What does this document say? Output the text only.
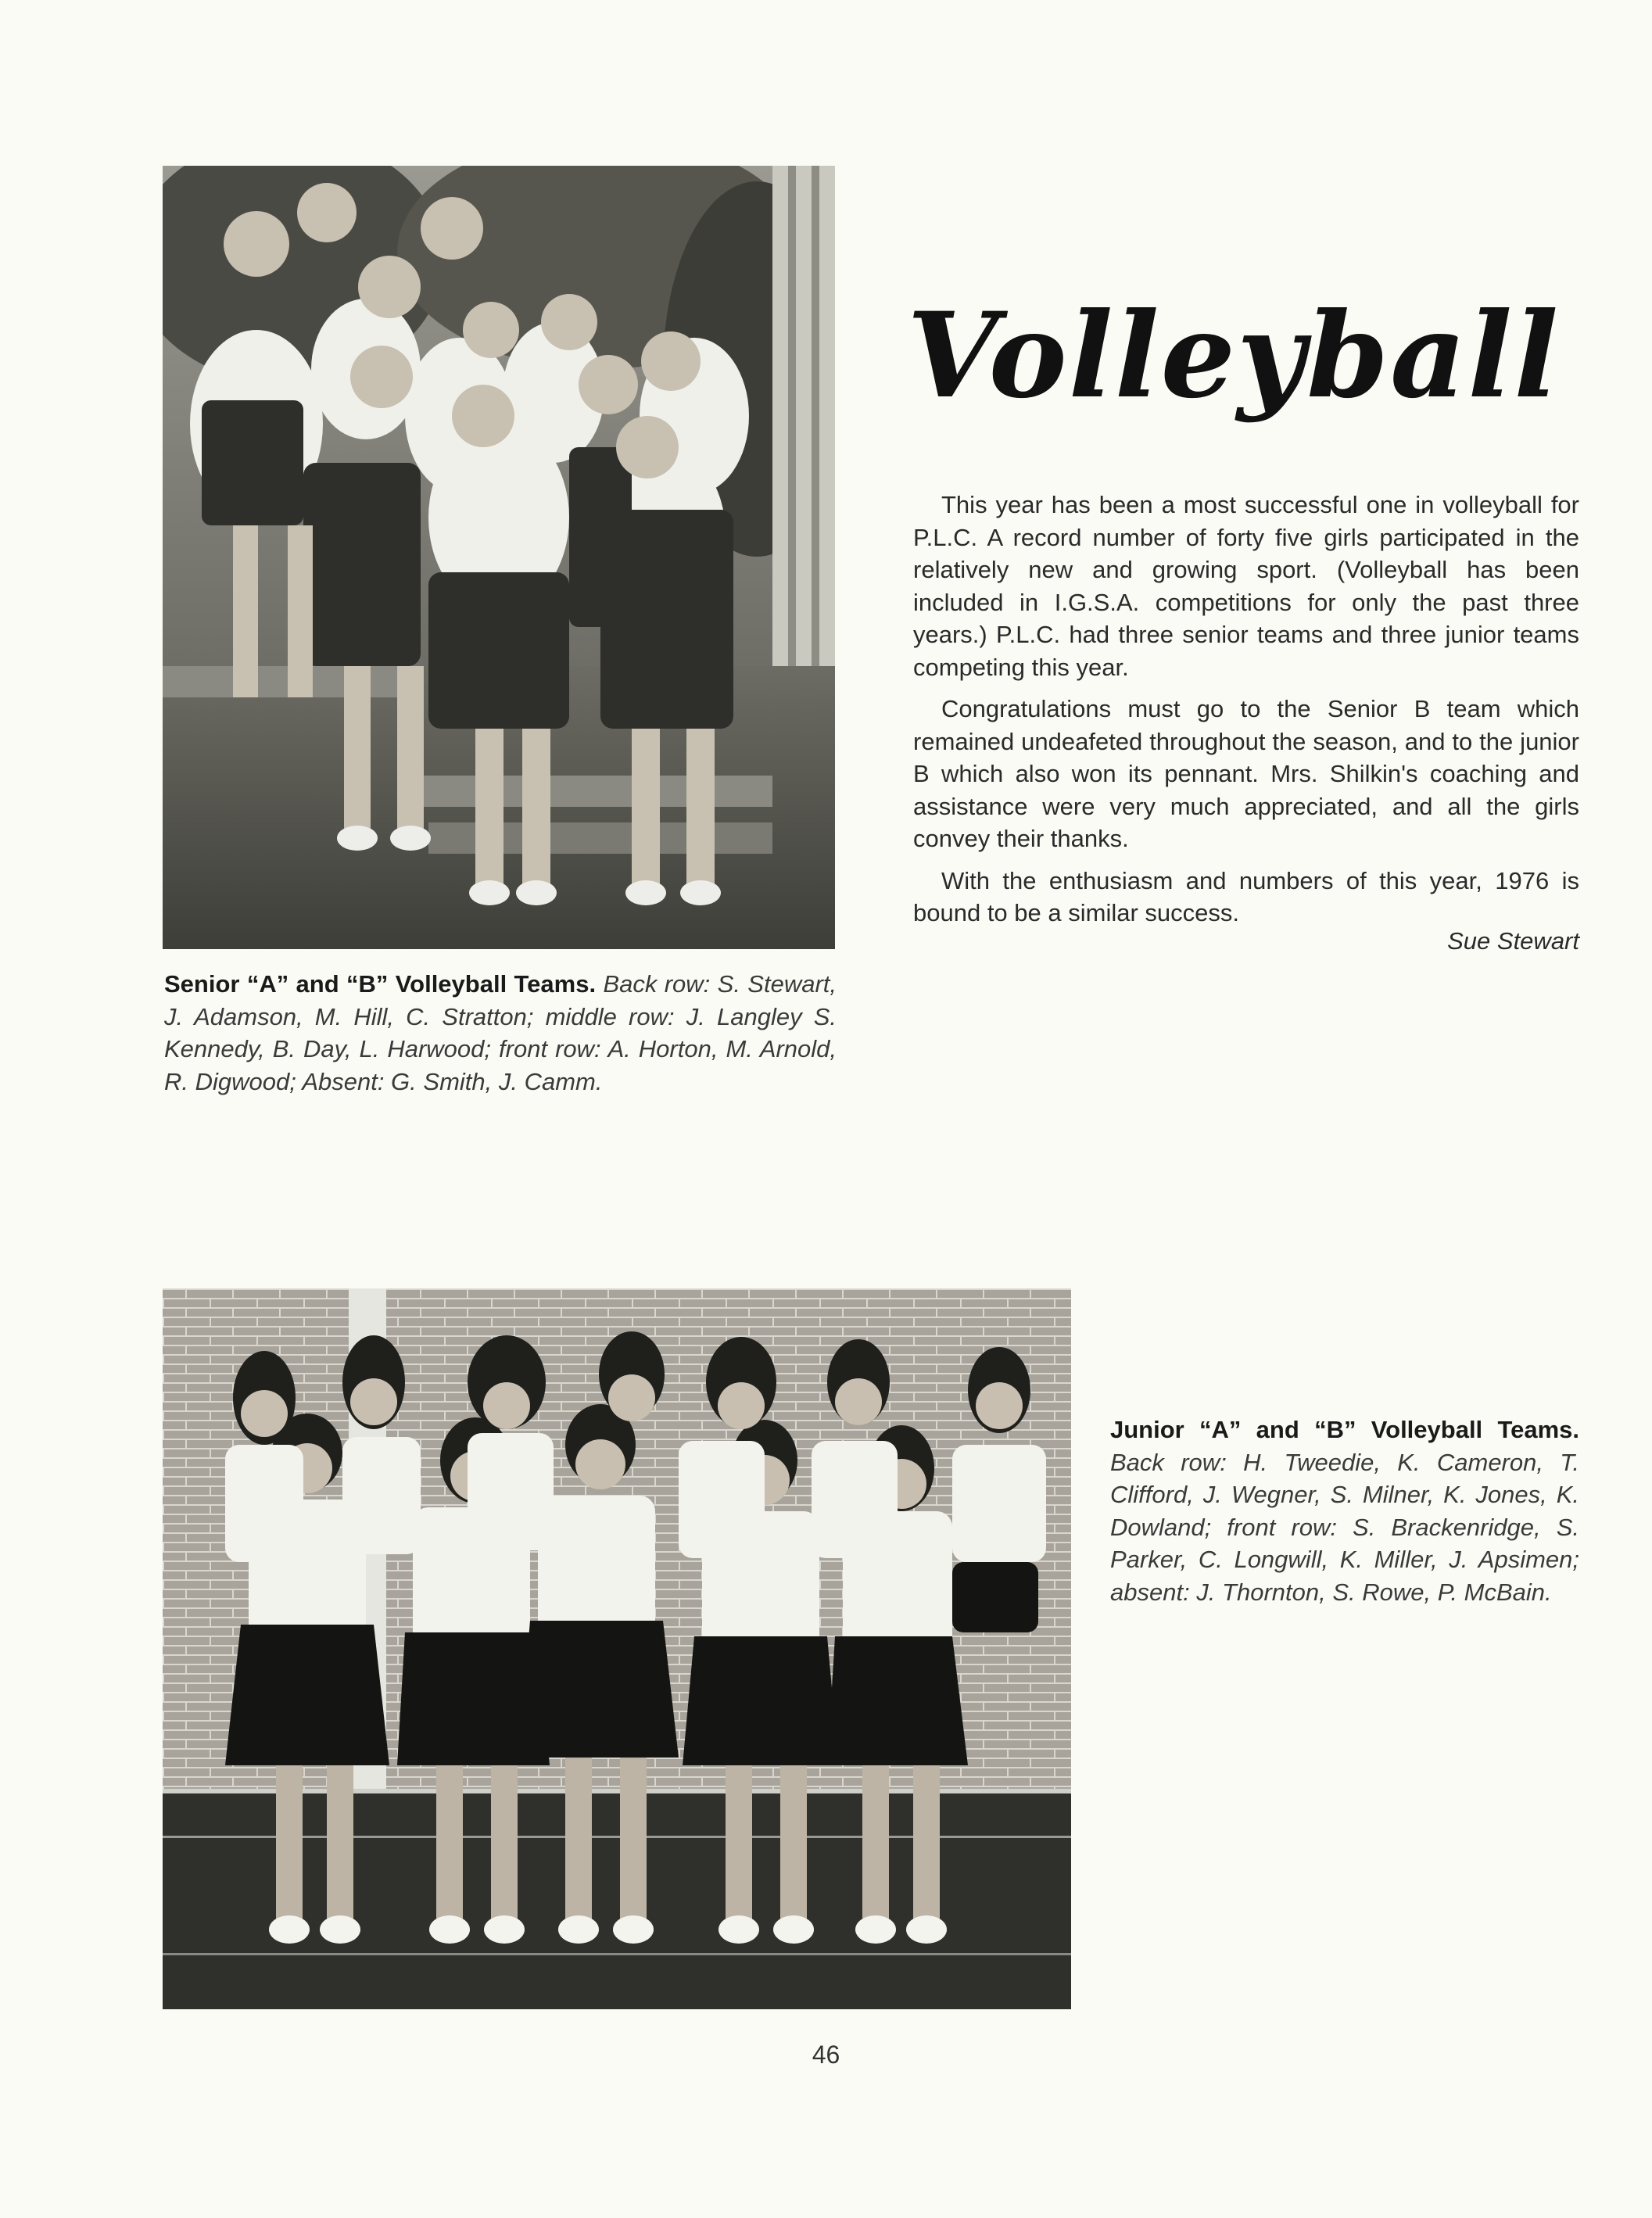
Volleyball

This year has been a most successful one in volleyball for P.L.C. A record number of forty five girls participated in the relatively new and growing sport. (Volleyball has been included in I.G.S.A. competitions for only the past three years.) P.L.C. had three senior teams and three junior teams competing this year.

Congratulations must go to the Senior B team which remained undeafeted throughout the season, and to the junior B which also won its pennant. Mrs. Shilkin's coaching and assistance were very much appreciated, and all the girls convey their thanks.

With the enthusiasm and numbers of this year, 1976 is bound to be a similar success.

Sue Stewart
Senior “A” and “B” Volleyball Teams. Back row: S. Stewart, J. Adamson, M. Hill, C. Stratton; middle row: J. Langley S. Kennedy, B. Day, L. Harwood; front row: A. Horton, M. Arnold, R. Digwood; Absent: G. Smith, J. Camm.
Junior “A” and “B” Volleyball Teams. Back row: H. Tweedie, K. Cameron, T. Clifford, J. Wegner, S. Milner, K. Jones, K. Dowland; front row: S. Brackenridge, S. Parker, C. Longwill, K. Miller, J. Apsimen; absent: J. Thornton, S. Rowe, P. McBain.
46
